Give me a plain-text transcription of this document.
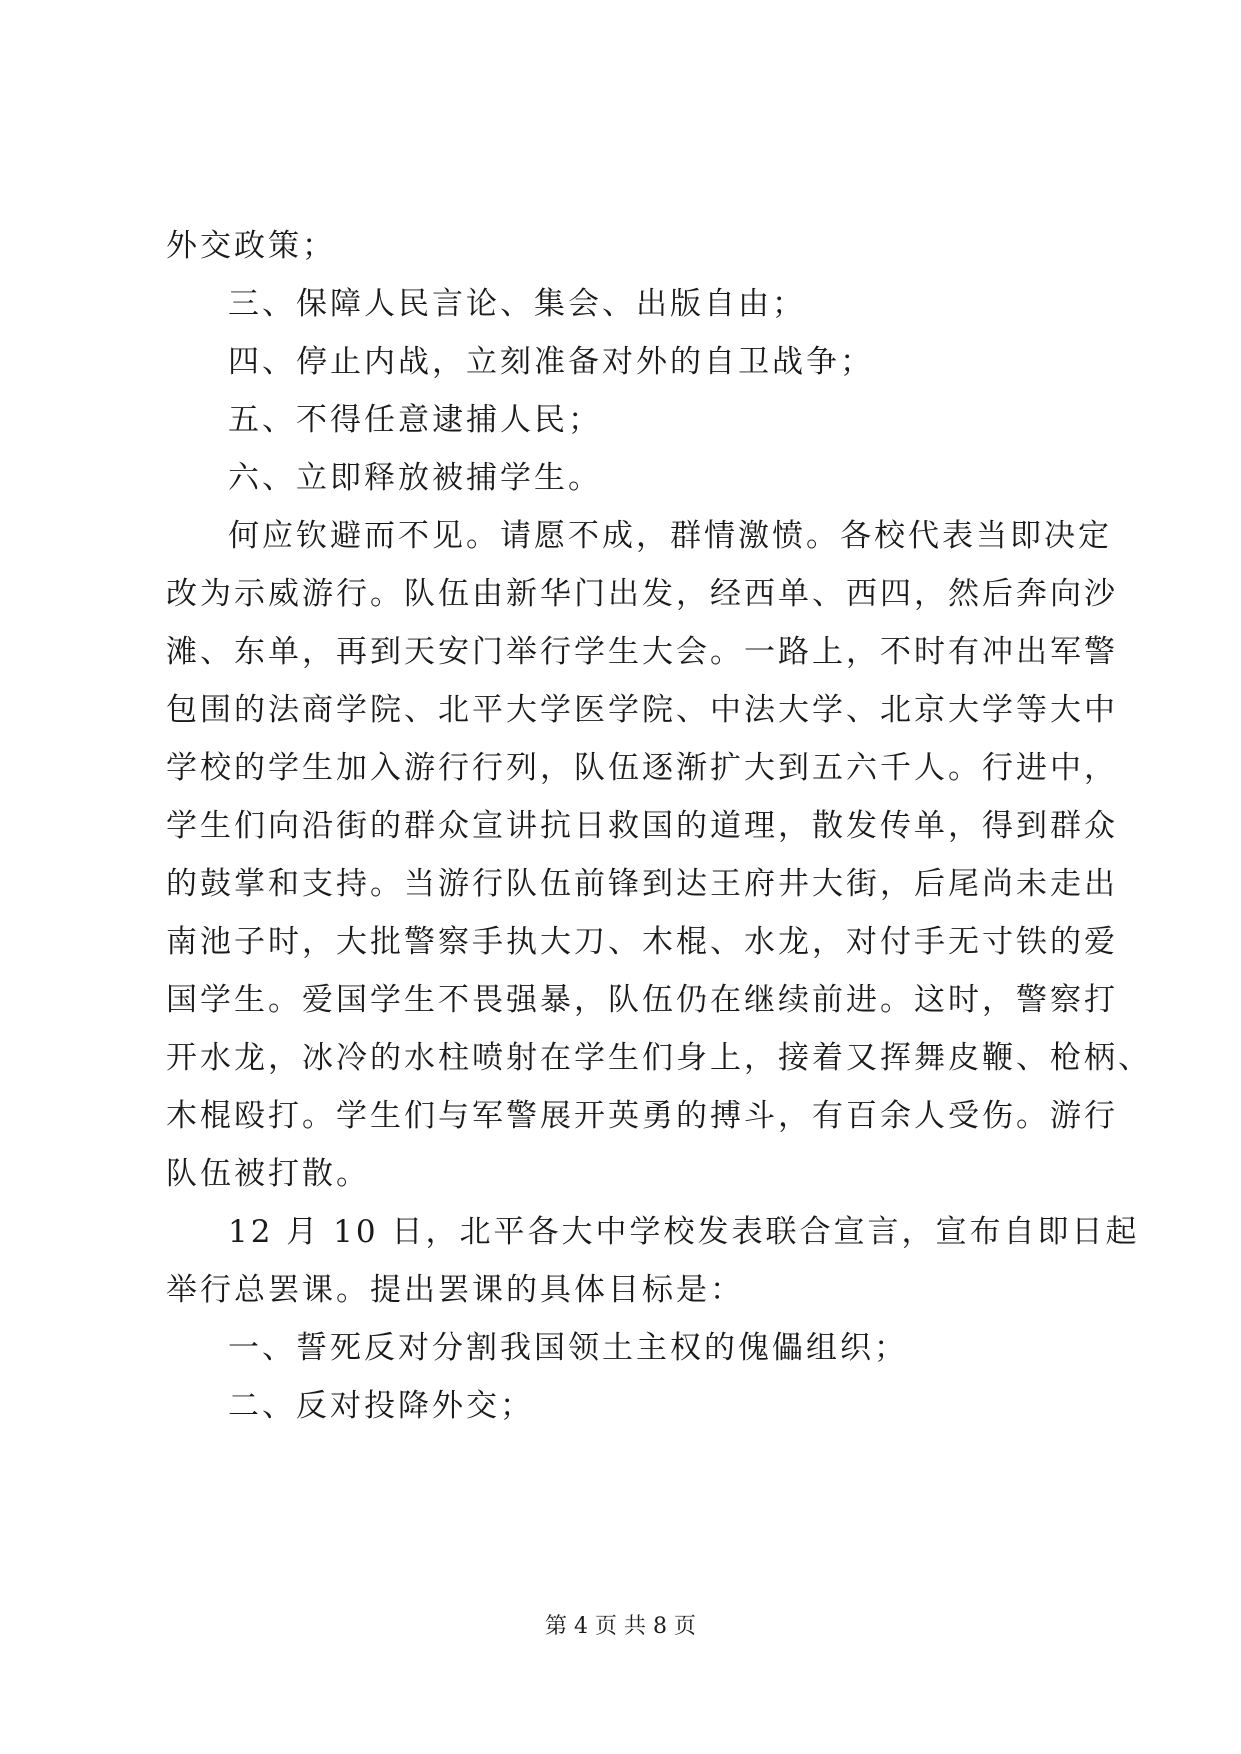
外交政策；
三、保障人民言论、集会、出版自由；
四、停止内战，立刻准备对外的自卫战争；
五、不得任意逮捕人民；
六、立即释放被捕学生。
何应钦避而不见。请愿不成，群情激愤。各校代表当即决定
改为示威游行。队伍由新华门出发，经西单、西四，然后奔向沙
滩、东单，再到天安门举行学生大会。一路上，不时有冲出军警
包围的法商学院、北平大学医学院、中法大学、北京大学等大中
学校的学生加入游行行列，队伍逐渐扩大到五六千人。行进中，
学生们向沿街的群众宣讲抗日救国的道理，散发传单，得到群众
的鼓掌和支持。当游行队伍前锋到达王府井大街，后尾尚未走出
南池子时，大批警察手执大刀、木棍、水龙，对付手无寸铁的爱
国学生。爱国学生不畏强暴，队伍仍在继续前进。这时，警察打
开水龙，冰冷的水柱喷射在学生们身上，接着又挥舞皮鞭、枪柄、
木棍殴打。学生们与军警展开英勇的搏斗，有百余人受伤。游行
队伍被打散。
12 月 10 日，北平各大中学校发表联合宣言，宣布自即日起
举行总罢课。提出罢课的具体目标是：
一、誓死反对分割我国领土主权的傀儡组织；
二、反对投降外交；
第 4 页 共 8 页
